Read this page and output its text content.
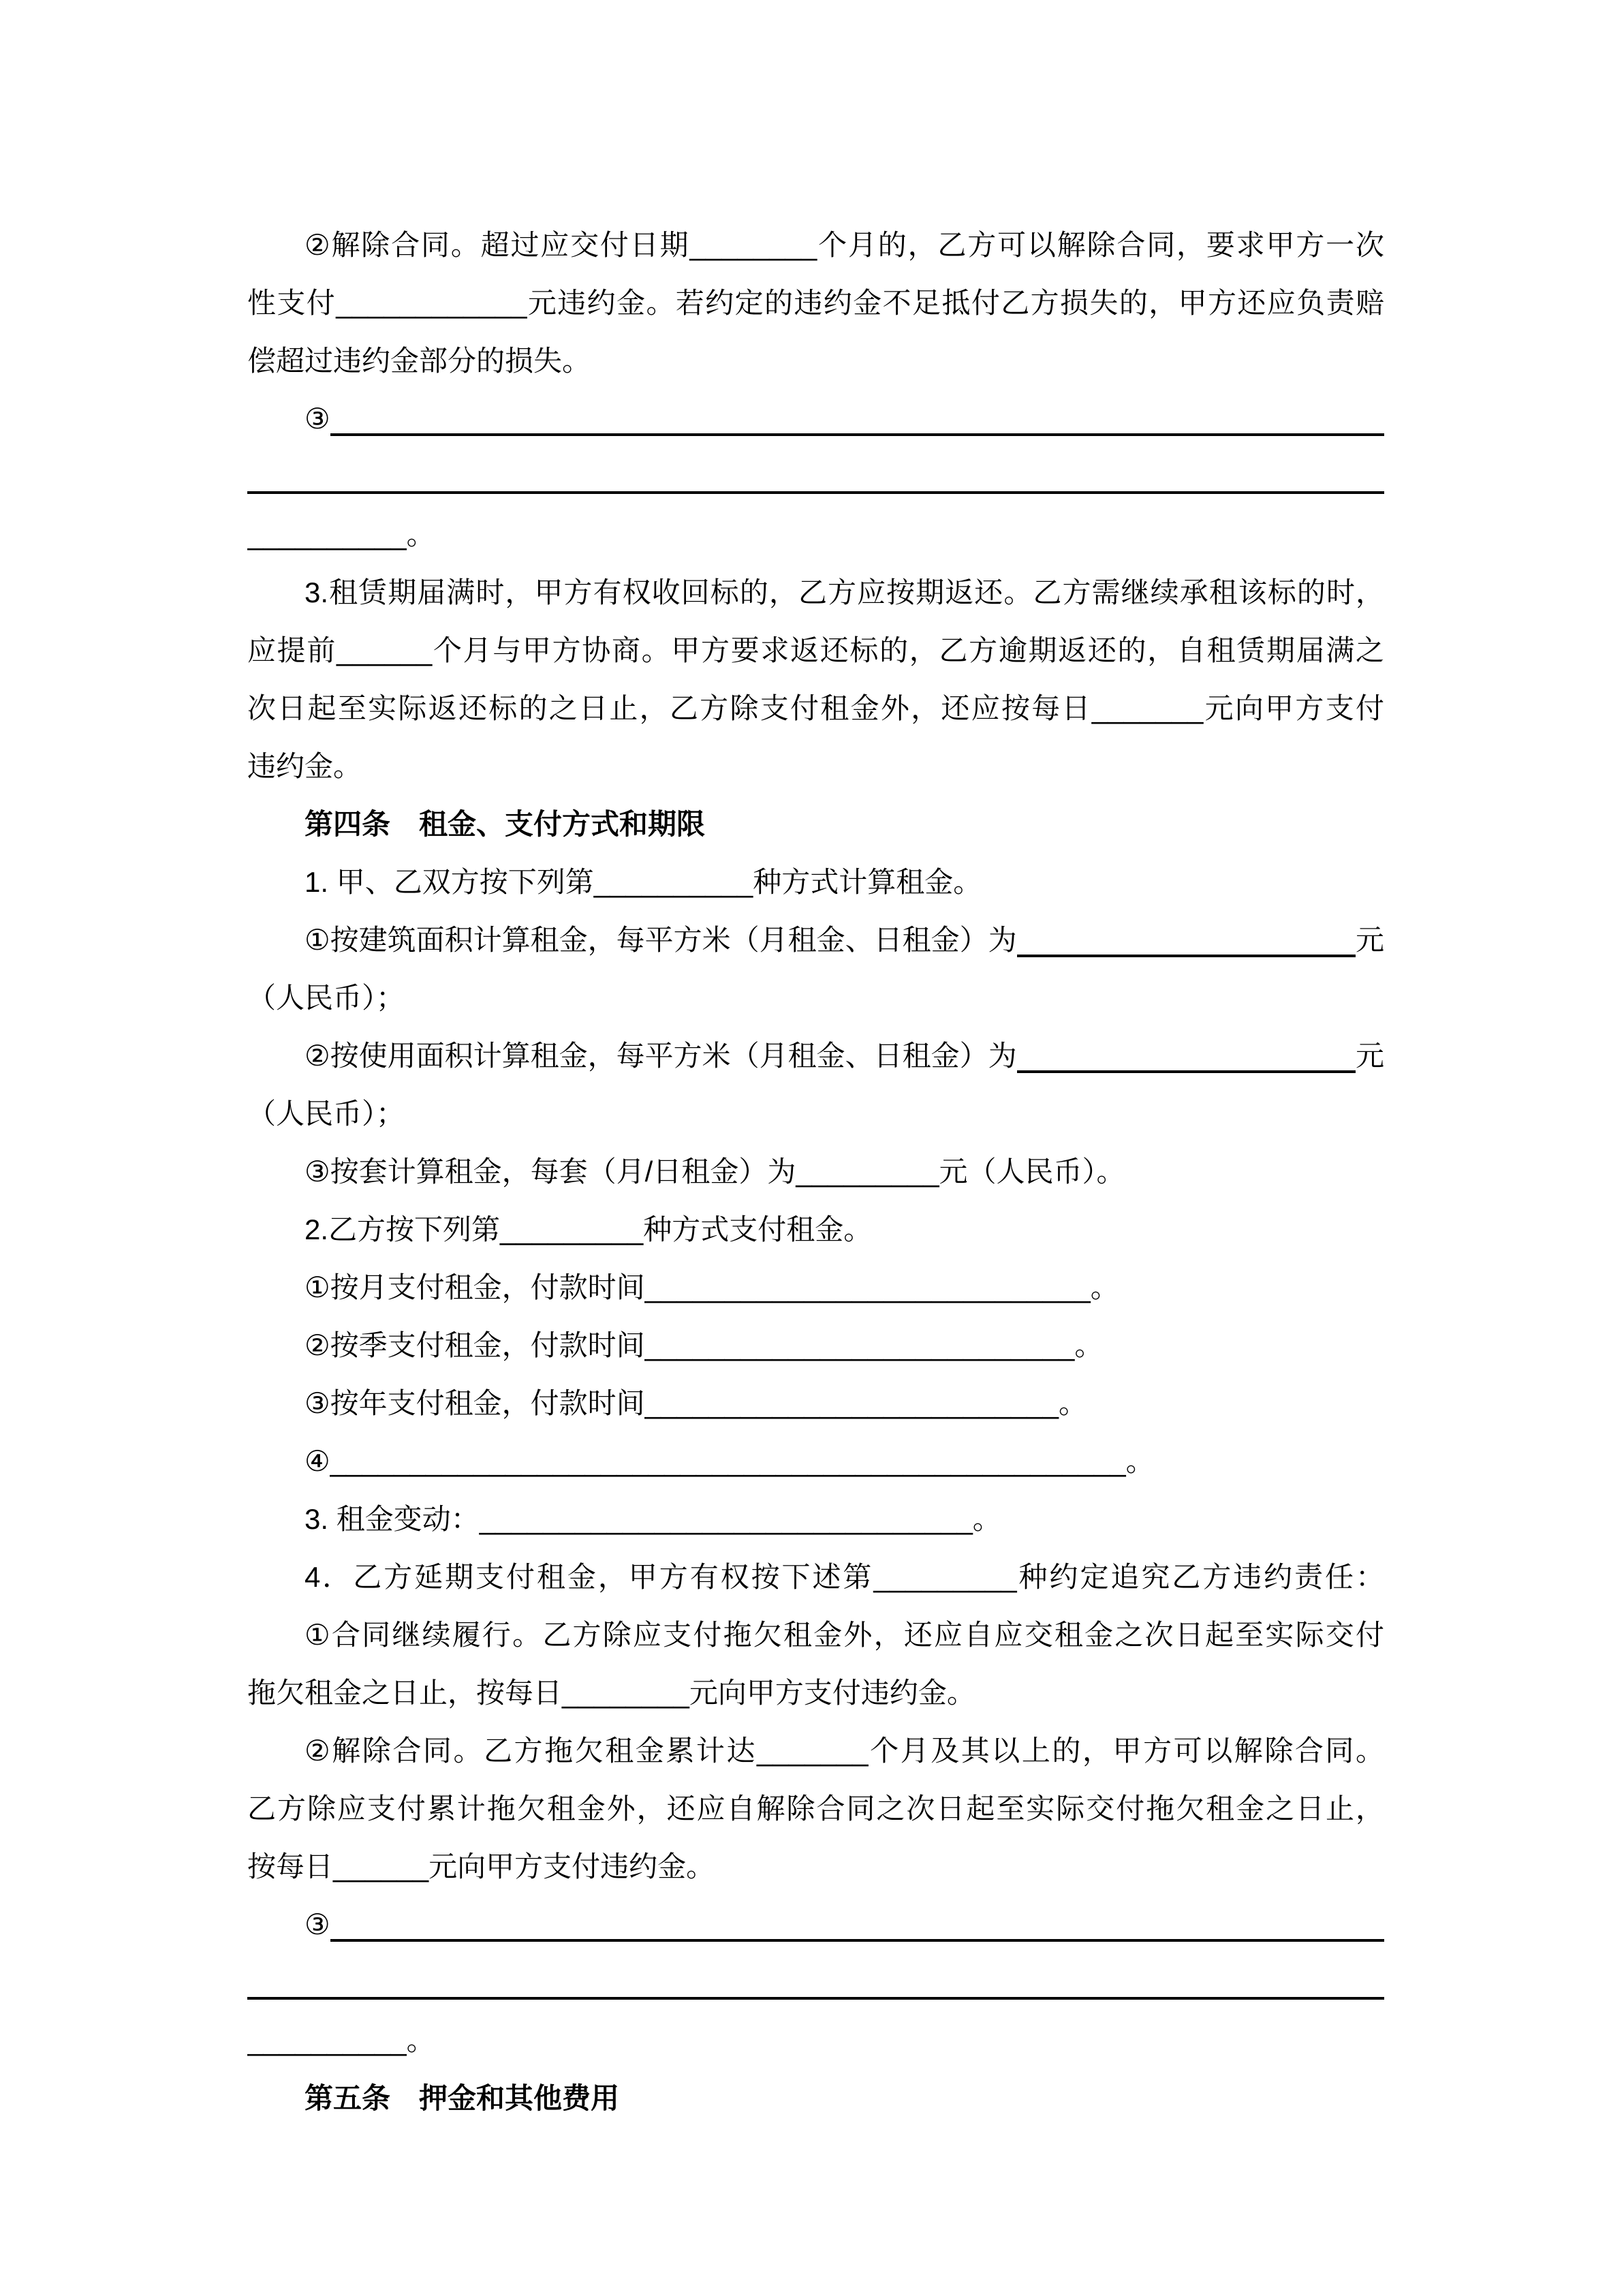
②解除合同。超过应交付日期________个月的，乙方可以解除合同，要求甲方一次
性支付____________元违约金。若约定的违约金不足抵付乙方损失的，甲方还应负责赔
偿超过违约金部分的损失。
③
__________。
3.租赁期届满时，甲方有权收回标的，乙方应按期返还。乙方需继续承租该标的时，
应提前______个月与甲方协商。甲方要求返还标的，乙方逾期返还的，自租赁期届满之
次日起至实际返还标的之日止，乙方除支付租金外，还应按每日_______元向甲方支付
违约金。
第四条　租金、支付方式和期限
1. 甲、乙双方按下列第__________种方式计算租金。
①按建筑面积计算租金，每平方米（月租金、日租金）为	元
（人民币）；
②按使用面积计算租金，每平方米（月租金、日租金）为	元
（人民币）；
③按套计算租金，每套（月/日租金）为_________元（人民币）。
2.乙方按下列第_________种方式支付租金。
①按月支付租金，付款时间____________________________。
②按季支付租金，付款时间___________________________。
③按年支付租金，付款时间__________________________。
④__________________________________________________。
3. 租金变动：_______________________________。
4．乙方延期支付租金，甲方有权按下述第_________种约定追究乙方违约责任：
①合同继续履行。乙方除应支付拖欠租金外，还应自应交租金之次日起至实际交付
拖欠租金之日止，按每日________元向甲方支付违约金。
②解除合同。乙方拖欠租金累计达_______个月及其以上的，甲方可以解除合同。
乙方除应支付累计拖欠租金外，还应自解除合同之次日起至实际交付拖欠租金之日止，
按每日______元向甲方支付违约金。
③
__________。
第五条　押金和其他费用
